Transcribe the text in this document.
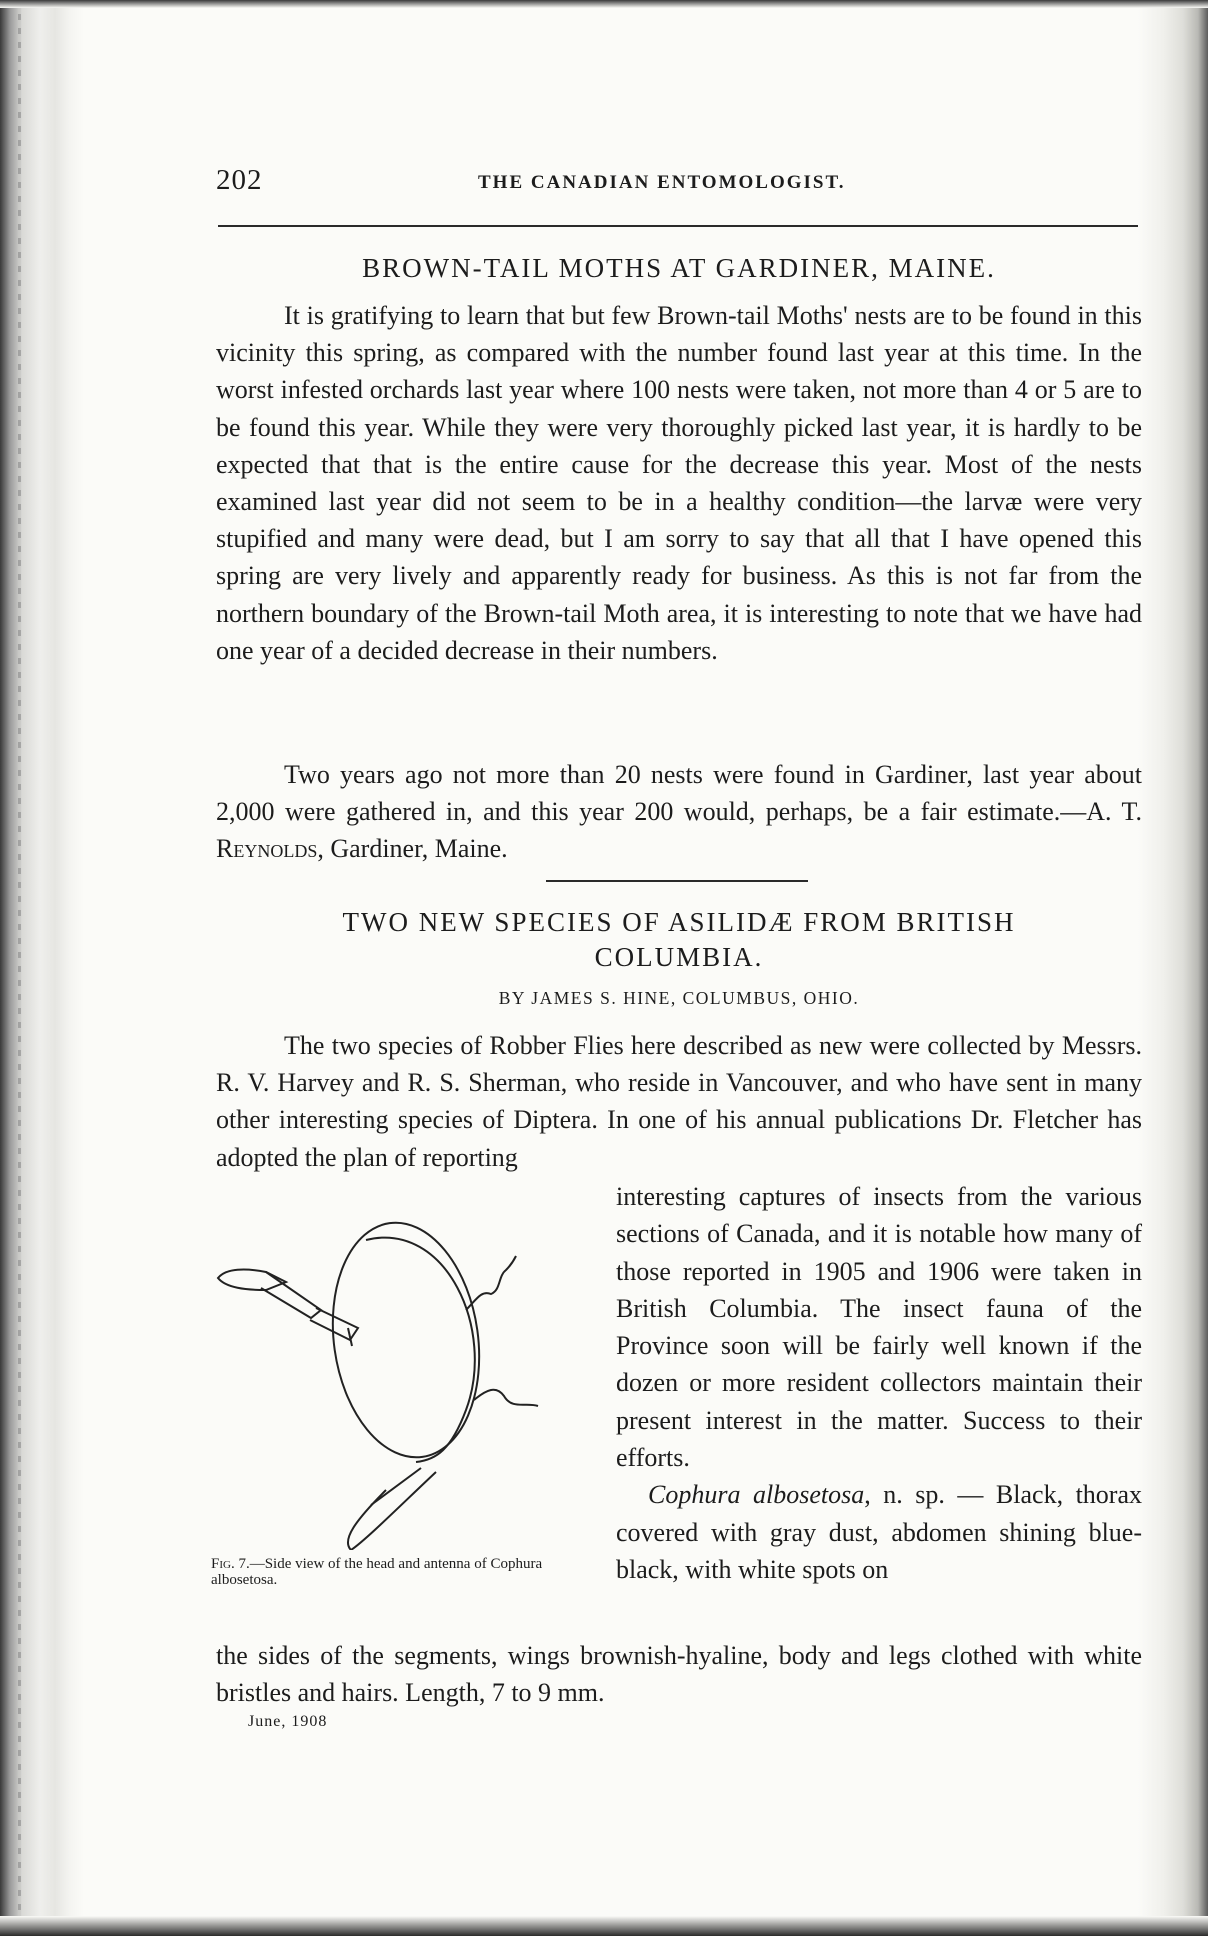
202	THE CANADIAN ENTOMOLOGIST.
BROWN-TAIL MOTHS AT GARDINER, MAINE.

It is gratifying to learn that but few Brown-tail Moths' nests are to be found in this vicinity this spring, as compared with the number found last year at this time. In the worst infested orchards last year where 100 nests were taken, not more than 4 or 5 are to be found this year. While they were very thoroughly picked last year, it is hardly to be expected that that is the entire cause for the decrease this year. Most of the nests examined last year did not seem to be in a healthy condition—the larvæ were very stupified and many were dead, but I am sorry to say that all that I have opened this spring are very lively and apparently ready for business. As this is not far from the northern boundary of the Brown-tail Moth area, it is interesting to note that we have had one year of a decided decrease in their numbers.

Two years ago not more than 20 nests were found in Gardiner, last year about 2,000 were gathered in, and this year 200 would, perhaps, be a fair estimate.—A. T. Reynolds, Gardiner, Maine.

TWO NEW SPECIES OF ASILIDÆ FROM BRITISH
COLUMBIA.
BY JAMES S. HINE, COLUMBUS, OHIO.

The two species of Robber Flies here described as new were collected by Messrs. R. V. Harvey and R. S. Sherman, who reside in Vancouver, and who have sent in many other interesting species of Diptera. In one of his annual publications Dr. Fletcher has adopted the plan of reporting

Fig. 7.—Side view of the head and antenna of Cophura albosetosa.

interesting captures of insects from the various sections of Canada, and it is notable how many of those reported in 1905 and 1906 were taken in British Columbia. The insect fauna of the Province soon will be fairly well known if the dozen or more resident collectors maintain their present interest in the matter. Success to their efforts.
Cophura albosetosa, n. sp. — Black, thorax covered with gray dust, abdomen shining blue-black, with white spots on

the sides of the segments, wings brownish-hyaline, body and legs clothed with white bristles and hairs. Length, 7 to 9 mm.

June, 1908
